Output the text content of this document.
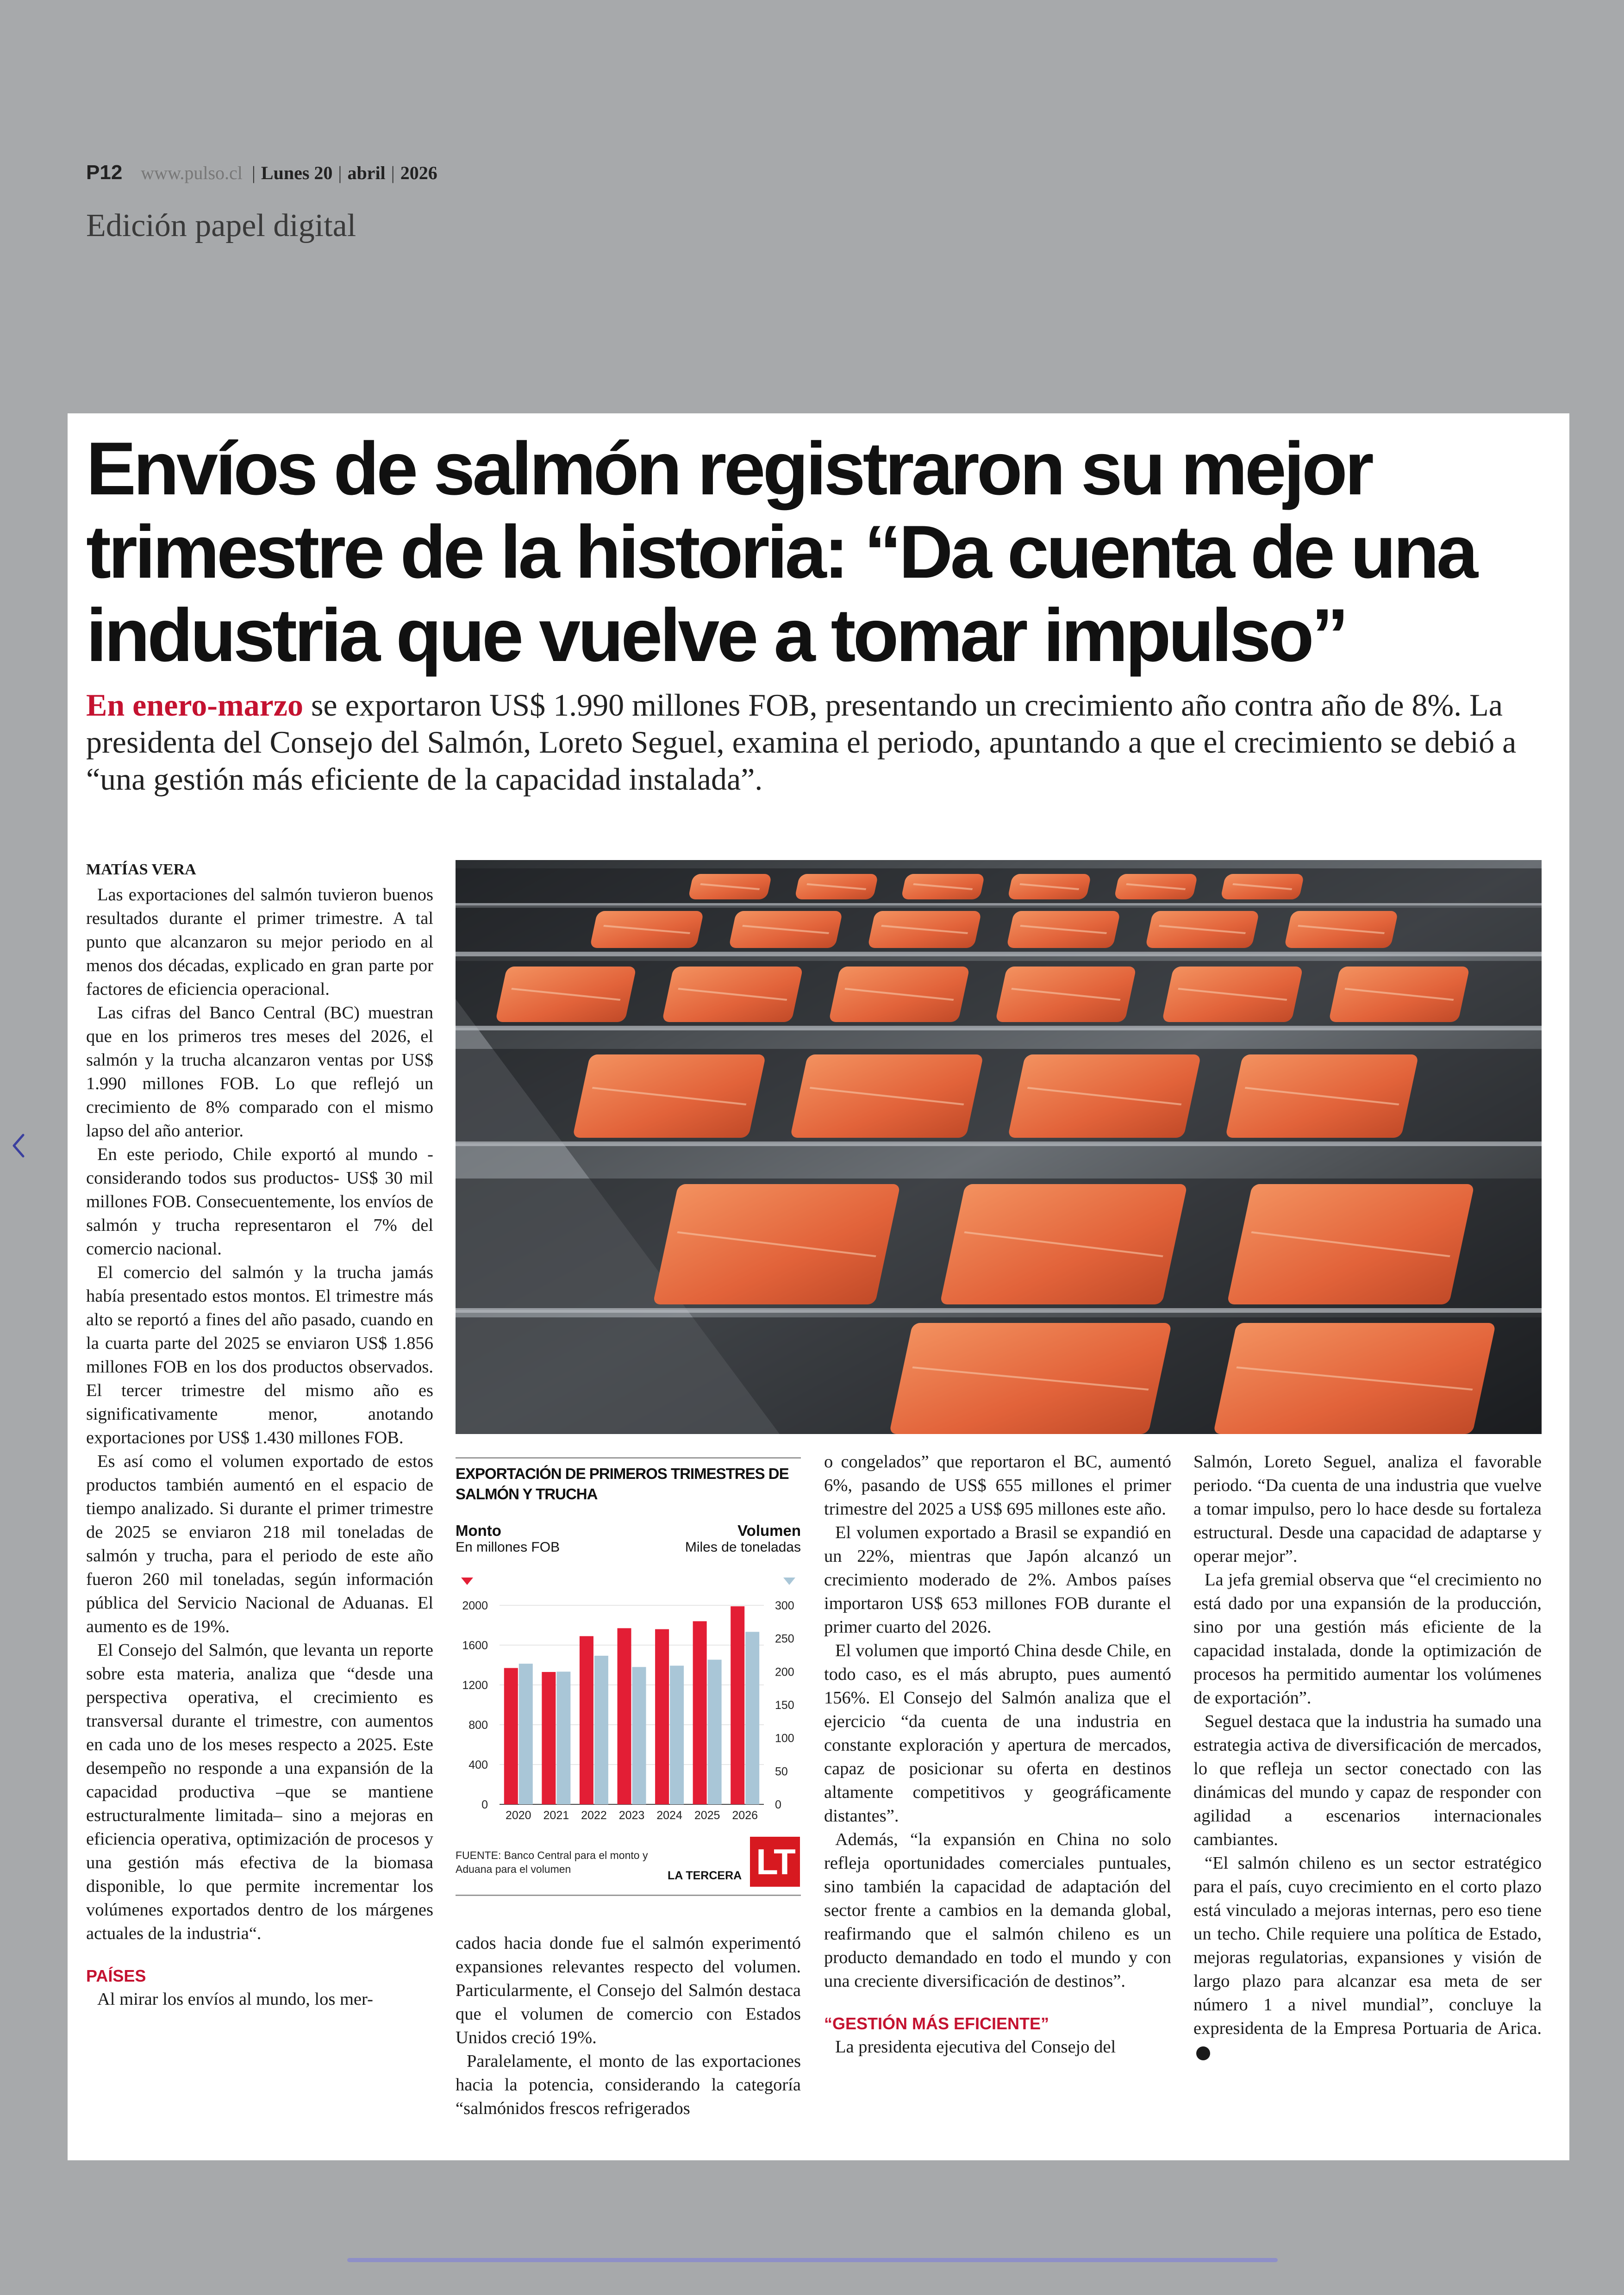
P12 www.pulso.cl | Lunes 20 | abril | 2026
Edición papel digital
Envíos de salmón registraron su mejor trimestre de la historia: “Da cuenta de una industria que vuelve a tomar impulso”
En enero-marzo se exportaron US$ 1.990 millones FOB, presentando un crecimiento año contra año de 8%. La presidenta del Consejo del Salmón, Loreto Seguel, examina el periodo, apuntando a que el crecimiento se debió a “una gestión más eficiente de la capacidad instalada”.

MATÍAS VERA

Las exportaciones del salmón tuvieron buenos resultados durante el primer trimestre. A tal punto que alcanzaron su mejor periodo en al menos dos décadas, explicado en gran parte por factores de eficiencia operacional.

Las cifras del Banco Central (BC) muestran que en los primeros tres meses del 2026, el salmón y la trucha alcanzaron ventas por US$ 1.990 millones FOB. Lo que reflejó un crecimiento de 8% comparado con el mismo lapso del año anterior.

En este periodo, Chile exportó al mundo -considerando todos sus productos- US$ 30 mil millones FOB. Consecuentemente, los envíos de salmón y trucha representaron el 7% del comercio nacional.

El comercio del salmón y la trucha jamás había presentado estos montos. El trimestre más alto se reportó a fines del año pasado, cuando en la cuarta parte del 2025 se enviaron US$ 1.856 millones FOB en los dos productos observados. El tercer trimestre del mismo año es significativamente menor, anotando exportaciones por US$ 1.430 millones FOB.

Es así como el volumen exportado de estos productos también aumentó en el espacio de tiempo analizado. Si durante el primer trimestre de 2025 se enviaron 218 mil toneladas de salmón y trucha, para el periodo de este año fueron 260 mil toneladas, según información pública del Servicio Nacional de Aduanas. El aumento es de 19%.

El Consejo del Salmón, que levanta un reporte sobre esta materia, analiza que “desde una perspectiva operativa, el crecimiento es transversal durante el trimestre, con aumentos en cada uno de los meses respecto a 2025. Este desempeño no responde a una expansión de la capacidad productiva –que se mantiene estructuralmente limitada– sino a mejoras en eficiencia operativa, optimización de procesos y una gestión más efectiva de la biomasa disponible, lo que permite incrementar los volúmenes exportados dentro de los márgenes actuales de la industria“.

PAÍSES

Al mirar los envíos al mundo, los mer-

EXPORTACIÓN DE PRIMEROS TRIMESTRES DE SALMÓN Y TRUCHA
Monto
En millones FOB
Volumen
Miles de toneladas
0
400
800
1200
1600
2000
0
50
100
150
200
250
300
2020 2021 2022 2023 2024 2025 2026
FUENTE: Banco Central para el monto y Aduana para el volumen	LA TERCERA LT

cados hacia donde fue el salmón experimentó expansiones relevantes respecto del volumen. Particularmente, el Consejo del Salmón destaca que el volumen de comercio con Estados Unidos creció 19%.

Paralelamente, el monto de las exportaciones hacia la potencia, considerando la categoría “salmónidos frescos refrigerados

o congelados” que reportaron el BC, aumentó 6%, pasando de US$ 655 millones el primer trimestre del 2025 a US$ 695 millones este año.

El volumen exportado a Brasil se expandió en un 22%, mientras que Japón alcanzó un crecimiento moderado de 2%. Ambos países importaron US$ 653 millones FOB durante el primer cuarto del 2026.

El volumen que importó China desde Chile, en todo caso, es el más abrupto, pues aumentó 156%. El Consejo del Salmón analiza que el ejercicio “da cuenta de una industria en constante exploración y apertura de mercados, capaz de posicionar su oferta en destinos altamente competitivos y geográficamente distantes”.

Además, “la expansión en China no solo refleja oportunidades comerciales puntuales, sino también la capacidad de adaptación del sector frente a cambios en la demanda global, reafirmando que el salmón chileno es un producto demandado en todo el mundo y con una creciente diversificación de destinos”.

“GESTIÓN MÁS EFICIENTE”

La presidenta ejecutiva del Consejo del

Salmón, Loreto Seguel, analiza el favorable periodo. “Da cuenta de una industria que vuelve a tomar impulso, pero lo hace desde su fortaleza estructural. Desde una capacidad de adaptarse y operar mejor”.

La jefa gremial observa que “el crecimiento no está dado por una expansión de la producción, sino por una gestión más eficiente de la capacidad instalada, donde la optimización de procesos ha permitido aumentar los volúmenes de exportación”.

Seguel destaca que la industria ha sumado una estrategia activa de diversificación de mercados, lo que refleja un sector conectado con las dinámicas del mundo y capaz de responder con agilidad a escenarios internacionales cambiantes.

“El salmón chileno es un sector estratégico para el país, cuyo crecimiento en el corto plazo está vinculado a mejoras internas, pero eso tiene un techo. Chile requiere una política de Estado, mejoras regulatorias, expansiones y visión de largo plazo para alcanzar esa meta de ser número 1 a nivel mundial”, concluye la expresidenta de la Empresa Portuaria de Arica.
